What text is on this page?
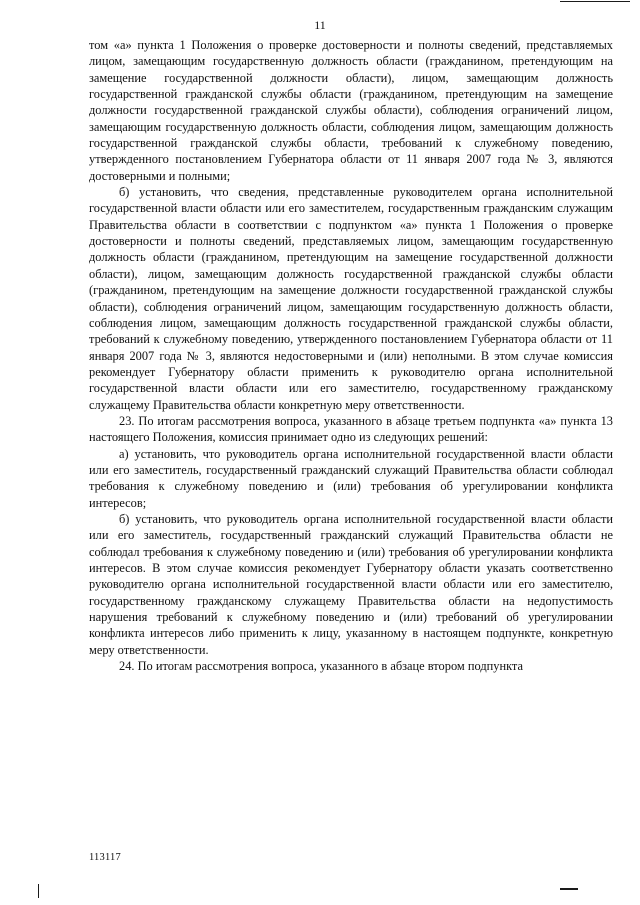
11

том «а» пункта 1 Положения о проверке достоверности и полноты сведений, представляемых лицом, замещающим государственную должность области (гражданином, претендующим на замещение государственной должности области), лицом, замещающим должность государственной гражданской службы области (гражданином, претендующим на замещение должности государственной гражданской службы области), соблюдения ограничений лицом, замещающим государственную должность области, соблюдения лицом, замещающим должность государственной гражданской службы области, требований к служебному поведению, утвержденного постановлением Губернатора области от 11 января 2007 года № 3, являются достоверными и полными;

б) установить, что сведения, представленные руководителем органа исполнительной государственной власти области или его заместителем, государственным гражданским служащим Правительства области в соответствии с подпунктом «а» пункта 1 Положения о проверке достоверности и полноты сведений, представляемых лицом, замещающим государственную должность области (гражданином, претендующим на замещение государственной должности области), лицом, замещающим должность государственной гражданской службы области (гражданином, претендующим на замещение должности государственной гражданской службы области), соблюдения ограничений лицом, замещающим государственную должность области, соблюдения лицом, замещающим должность государственной гражданской службы области, требований к служебному поведению, утвержденного постановлением Губернатора области от 11 января 2007 года № 3, являются недостоверными и (или) неполными. В этом случае комиссия рекомендует Губернатору области применить к руководителю органа исполнительной государственной власти области или его заместителю, государственному гражданскому служащему Правительства области конкретную меру ответственности.

23. По итогам рассмотрения вопроса, указанного в абзаце третьем подпункта «а» пункта 13 настоящего Положения, комиссия принимает одно из следующих решений:

а) установить, что руководитель органа исполнительной государственной власти области или его заместитель, государственный гражданский служащий Правительства области соблюдал требования к служебному поведению и (или) требования об урегулировании конфликта интересов;

б) установить, что руководитель органа исполнительной государственной власти области или его заместитель, государственный гражданский служащий Правительства области не соблюдал требования к служебному поведению и (или) требования об урегулировании конфликта интересов. В этом случае комиссия рекомендует Губернатору области указать соответственно руководителю органа исполнительной государственной власти области или его заместителю, государственному гражданскому служащему Правительства области на недопустимость нарушения требований к служебному поведению и (или) требований об урегулировании конфликта интересов либо применить к лицу, указанному в настоящем подпункте, конкретную меру ответственности.

24. По итогам рассмотрения вопроса, указанного в абзаце втором подпункта

113117
